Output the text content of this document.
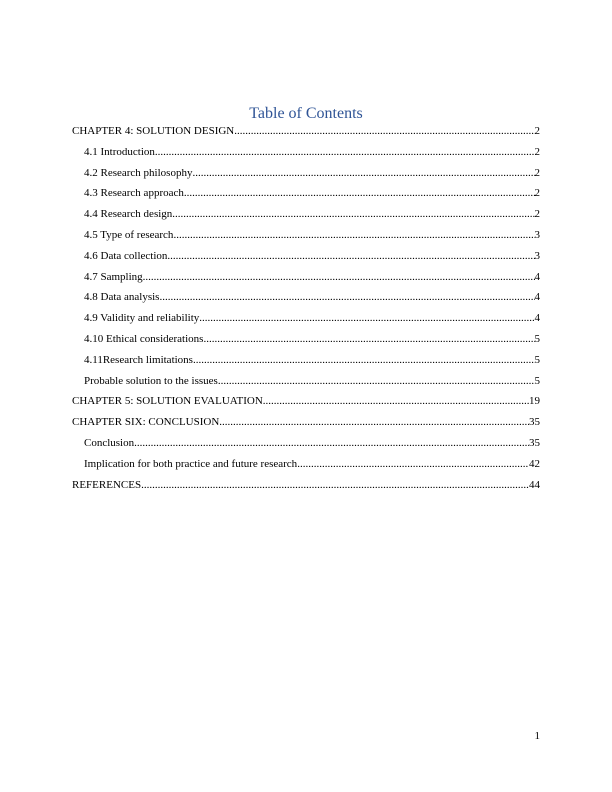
Table of Contents
CHAPTER 4: SOLUTION DESIGN .....	2
4.1 Introduction .....	2
4.2 Research philosophy .....	2
4.3 Research approach .....	2
4.4 Research design .....	2
4.5 Type of research .....	3
4.6 Data collection .....	3
4.7 Sampling .....	4
4.8 Data analysis .....	4
4.9 Validity and reliability .....	4
4.10 Ethical considerations .....	5
4.11Research limitations .....	5
Probable solution to the issues .....	5
CHAPTER 5: SOLUTION EVALUATION .....	19
CHAPTER SIX: CONCLUSION .....	35
Conclusion .....	35
Implication for both practice and future research .....	42
REFERENCES .....	44
1
